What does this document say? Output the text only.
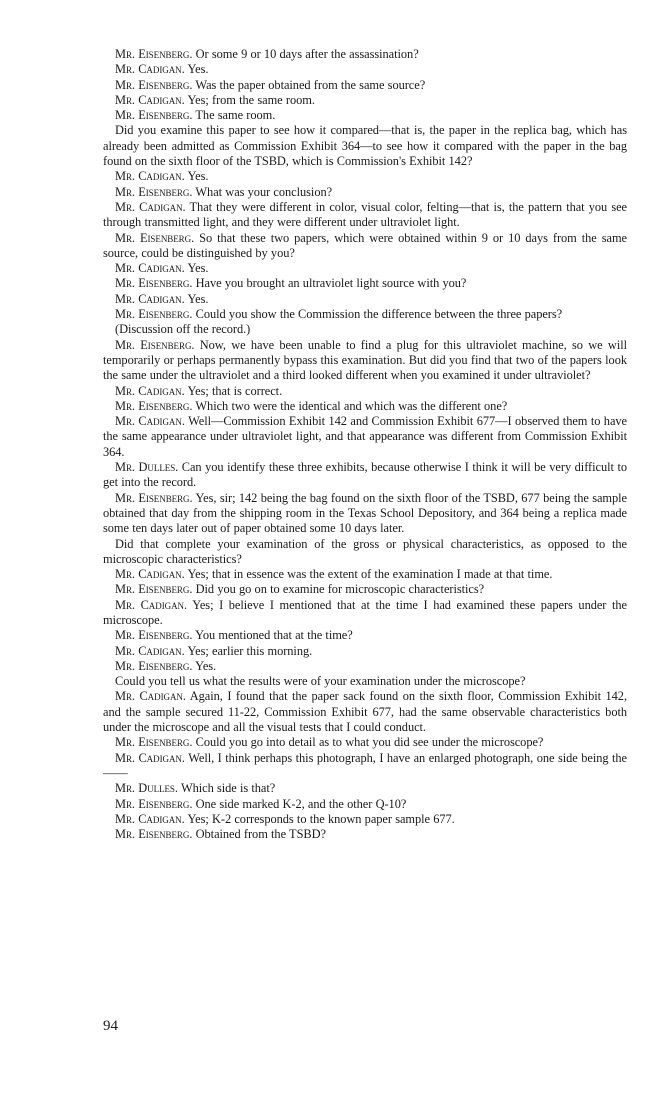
Mr. Eisenberg. Or some 9 or 10 days after the assassination?

Mr. Cadigan. Yes.

Mr. Eisenberg. Was the paper obtained from the same source?

Mr. Cadigan. Yes; from the same room.

Mr. Eisenberg. The same room.

Did you examine this paper to see how it compared—that is, the paper in the replica bag, which has already been admitted as Commission Exhibit 364—to see how it compared with the paper in the bag found on the sixth floor of the TSBD, which is Commission's Exhibit 142?

Mr. Cadigan. Yes.

Mr. Eisenberg. What was your conclusion?

Mr. Cadigan. That they were different in color, visual color, felting—that is, the pattern that you see through transmitted light, and they were different under ultraviolet light.

Mr. Eisenberg. So that these two papers, which were obtained within 9 or 10 days from the same source, could be distinguished by you?

Mr. Cadigan. Yes.

Mr. Eisenberg. Have you brought an ultraviolet light source with you?

Mr. Cadigan. Yes.

Mr. Eisenberg. Could you show the Commission the difference between the three papers?

(Discussion off the record.)

Mr. Eisenberg. Now, we have been unable to find a plug for this ultraviolet machine, so we will temporarily or perhaps permanently bypass this examination. But did you find that two of the papers look the same under the ultraviolet and a third looked different when you examined it under ultraviolet?

Mr. Cadigan. Yes; that is correct.

Mr. Eisenberg. Which two were the identical and which was the different one?

Mr. Cadigan. Well—Commission Exhibit 142 and Commission Exhibit 677—I observed them to have the same appearance under ultraviolet light, and that appearance was different from Commission Exhibit 364.

Mr. Dulles. Can you identify these three exhibits, because otherwise I think it will be very difficult to get into the record.

Mr. Eisenberg. Yes, sir; 142 being the bag found on the sixth floor of the TSBD, 677 being the sample obtained that day from the shipping room in the Texas School Depository, and 364 being a replica made some ten days later out of paper obtained some 10 days later.

Did that complete your examination of the gross or physical characteristics, as opposed to the microscopic characteristics?

Mr. Cadigan. Yes; that in essence was the extent of the examination I made at that time.

Mr. Eisenberg. Did you go on to examine for microscopic characteristics?

Mr. Cadigan. Yes; I believe I mentioned that at the time I had examined these papers under the microscope.

Mr. Eisenberg. You mentioned that at the time?

Mr. Cadigan. Yes; earlier this morning.

Mr. Eisenberg. Yes.

Could you tell us what the results were of your examination under the microscope?

Mr. Cadigan. Again, I found that the paper sack found on the sixth floor, Commission Exhibit 142, and the sample secured 11-22, Commission Exhibit 677, had the same observable characteristics both under the microscope and all the visual tests that I could conduct.

Mr. Eisenberg. Could you go into detail as to what you did see under the microscope?

Mr. Cadigan. Well, I think perhaps this photograph, I have an enlarged photograph, one side being the——

Mr. Dulles. Which side is that?

Mr. Eisenberg. One side marked K-2, and the other Q-10?

Mr. Cadigan. Yes; K-2 corresponds to the known paper sample 677.

Mr. Eisenberg. Obtained from the TSBD?

94
